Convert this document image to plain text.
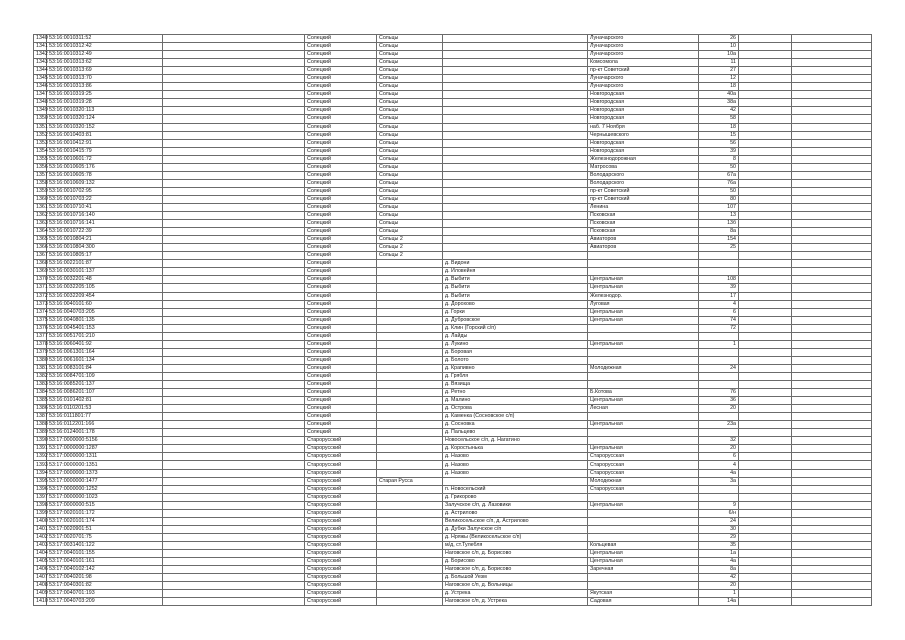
1340	53:16:0010311:52		Солецкий	Сольцы		Луначарского	26		
1341	53:16:0010312:42		Солецкий	Сольцы		Луначарского	10		
1342	53:16:0010312:49		Солецкий	Сольцы		Луначарского	10а		
1343	53:16:0010313:62		Солецкий	Сольцы		Комсомола	11		
1344	53:16:0010313:69		Солецкий	Сольцы		пр-кт Советский	27		
1345	53:16:0010313:70		Солецкий	Сольцы		Луначарского	12		
1346	53:16:0010313:86		Солецкий	Сольцы		Луначарского	18		
1347	53:16:0010319:25		Солецкий	Сольцы		Новгородская	40а		
1348	53:16:0010319:28		Солецкий	Сольцы		Новгородская	38а		
1349	53:16:0010320:113		Солецкий	Сольцы		Новгородская	42		
1350	53:16:0010320:124		Солецкий	Сольцы		Новгородская	58		
1351	53:16:0010320:152		Солецкий	Сольцы		наб. 7 Ноября	18		
1352	53:16:0010403:81		Солецкий	Сольцы		Чернышевского	15		
1353	53:16:0010412:91		Солецкий	Сольцы		Новгородская	56		
1354	53:16:0010415:79		Солецкий	Сольцы		Новгородская	39		
1355	53:16:0010601:72		Солецкий	Сольцы		Железнодорожная	8		
1356	53:16:0010605:176		Солецкий	Сольцы		Матросова	50		
1357	53:16:0010605:78		Солецкий	Сольцы		Володарского	67а		
1358	53:16:0010609:132		Солецкий	Сольцы		Володарского	76а		
1359	53:16:0010702:95		Солецкий	Сольцы		пр-кт Советский	50		
1360	53:16:0010703:22		Солецкий	Сольцы		пр-кт Советский	80		
1361	53:16:0010710:41		Солецкий	Сольцы		Ленина	107		
1362	53:16:0010716:140		Солецкий	Сольцы		Псковская	13		
1363	53:16:0010716:141		Солецкий	Сольцы		Псковская	13б		
1364	53:16:0010722:39		Солецкий	Сольцы		Псковская	8а		
1365	53:16:0010804:21		Солецкий	Сольцы 2		Авиаторов	154		
1366	53:16:0010804:300		Солецкий	Сольцы 2		Авиаторов	25		
1367	53:16:0010805:17		Солецкий	Сольцы 2					
1368	53:16:0022101:87		Солецкий		д. Видони				
1369	53:16:0030101:137		Солецкий		д. Иловейня				
1370	53:16:0032201:48		Солецкий		д. Выбити	Центральная	108		
1371	53:16:0032205:105		Солецкий		д. Выбити	Центральная	39		
1372	53:16:0032209:454		Солецкий		д. Выбити	Железнодор.	17		
1373	53:16:0040101:60		Солецкий		д. Дорохово	Луговая	4		
1374	53:16:0040703:205		Солецкий		д. Горки	Центральная	6		
1375	53:16:0040801:135		Солецкий		д. Дубровское	Центральная	74		
1376	53:16:0045401:153		Солецкий		д. Клин (Горский с/п)		72		
1377	53:16:0051701:210		Солецкий		д. Лайды				
1378	53:16:0060401:92		Солецкий		д. Лукино	Центральная	1		
1379	53:16:0061301:164		Солецкий		д. Боровая				
1380	53:16:0061601:134		Солецкий		д. Болото				
1381	53:16:0083101:84		Солецкий		д. Крапивно	Молодежная	24		
1382	53:16:0084701:109		Солецкий		д. Грябля				
1383	53:16:0085201:137		Солецкий		д. Вязища				
1384	53:16:0086201:107		Солецкий		д. Ретно	Б.Котова	76		
1385	53:16:0101402:81		Солецкий		д. Малино	Центральная	36		
1386	53:16:0110201:53		Солецкий		д. Островa	Лесная	20		
1387	53:16:0111801:77		Солецкий		д. Каменка (Сосновское с/п)				
1388	53:16:0112201:166		Солецкий		д. Сосновка	Центральная	23а		
1389	53:16:0124001:178		Солецкий		д. Пальцево				
1390	53:17:0000000:5156		Старорусский		Новосельское с/п, д. Нагатино		32		
1391	53:17:0000000:1287		Старорусский		д. Коростынька	Центральная	20		
1392	53:17:0000000:1311		Старорусский		д. Назово	Старорусская	6		
1393	53:17:0000000:1351		Старорусский		д. Назово	Старорусская	4		
1394	53:17:0000000:1373		Старорусский		д. Назово	Старорусская	4а		
1395	53:17:0000000:1477		Старорусский	Старая Русса		Молодежная	3а		
1396	53:17:0000000:1252		Старорусский		п. Новосельский	Старорусская			
1397	53:17:0000000:1023		Старорусский		д. Грикорово				
1398	53:17:0000000:515		Старорусский		Залучское с/п, д. Лазовики	Центральная	9		
1399	53:17:0020101:172		Старорусский		д. Астрилово		6/н		
1400	53:17:0020101:174		Старорусский		Великосельское с/п, д. Астрилово		24		
1401	53:17:0020901:51		Старорусский		д. Дубки Залучское с/п		30		
1402	53:17:0020701:75		Старорусский		д. Нряжы (Великосельское с/п)		29		
1403	53:17:0031401:122		Старорусский		м/д, ст.Тулебля	Кольцевая	35		
1404	53:17:0040101:155		Старорусский		Наговское с/п, д. Борисово	Центральная	1а		
1405	53:17:0040101:161		Старорусский		д. Борисово	Центральная	4а		
1406	53:17:0040102:142		Старорусский		Наговское с/п, д. Борисово	Заречная	8а		
1407	53:17:0040201:98		Старорусский		д. Большой Уезм		42		
1408	53:17:0040301:82		Старорусский		Наговское с/п, д. Вольницы		20		
1409	53:17:0040701:193		Старорусский		д. Устрека	Якутская	1		
1410	53:17:0040703:209		Старорусский		Наговское с/п, д. Устрека	Садовая	14а		
